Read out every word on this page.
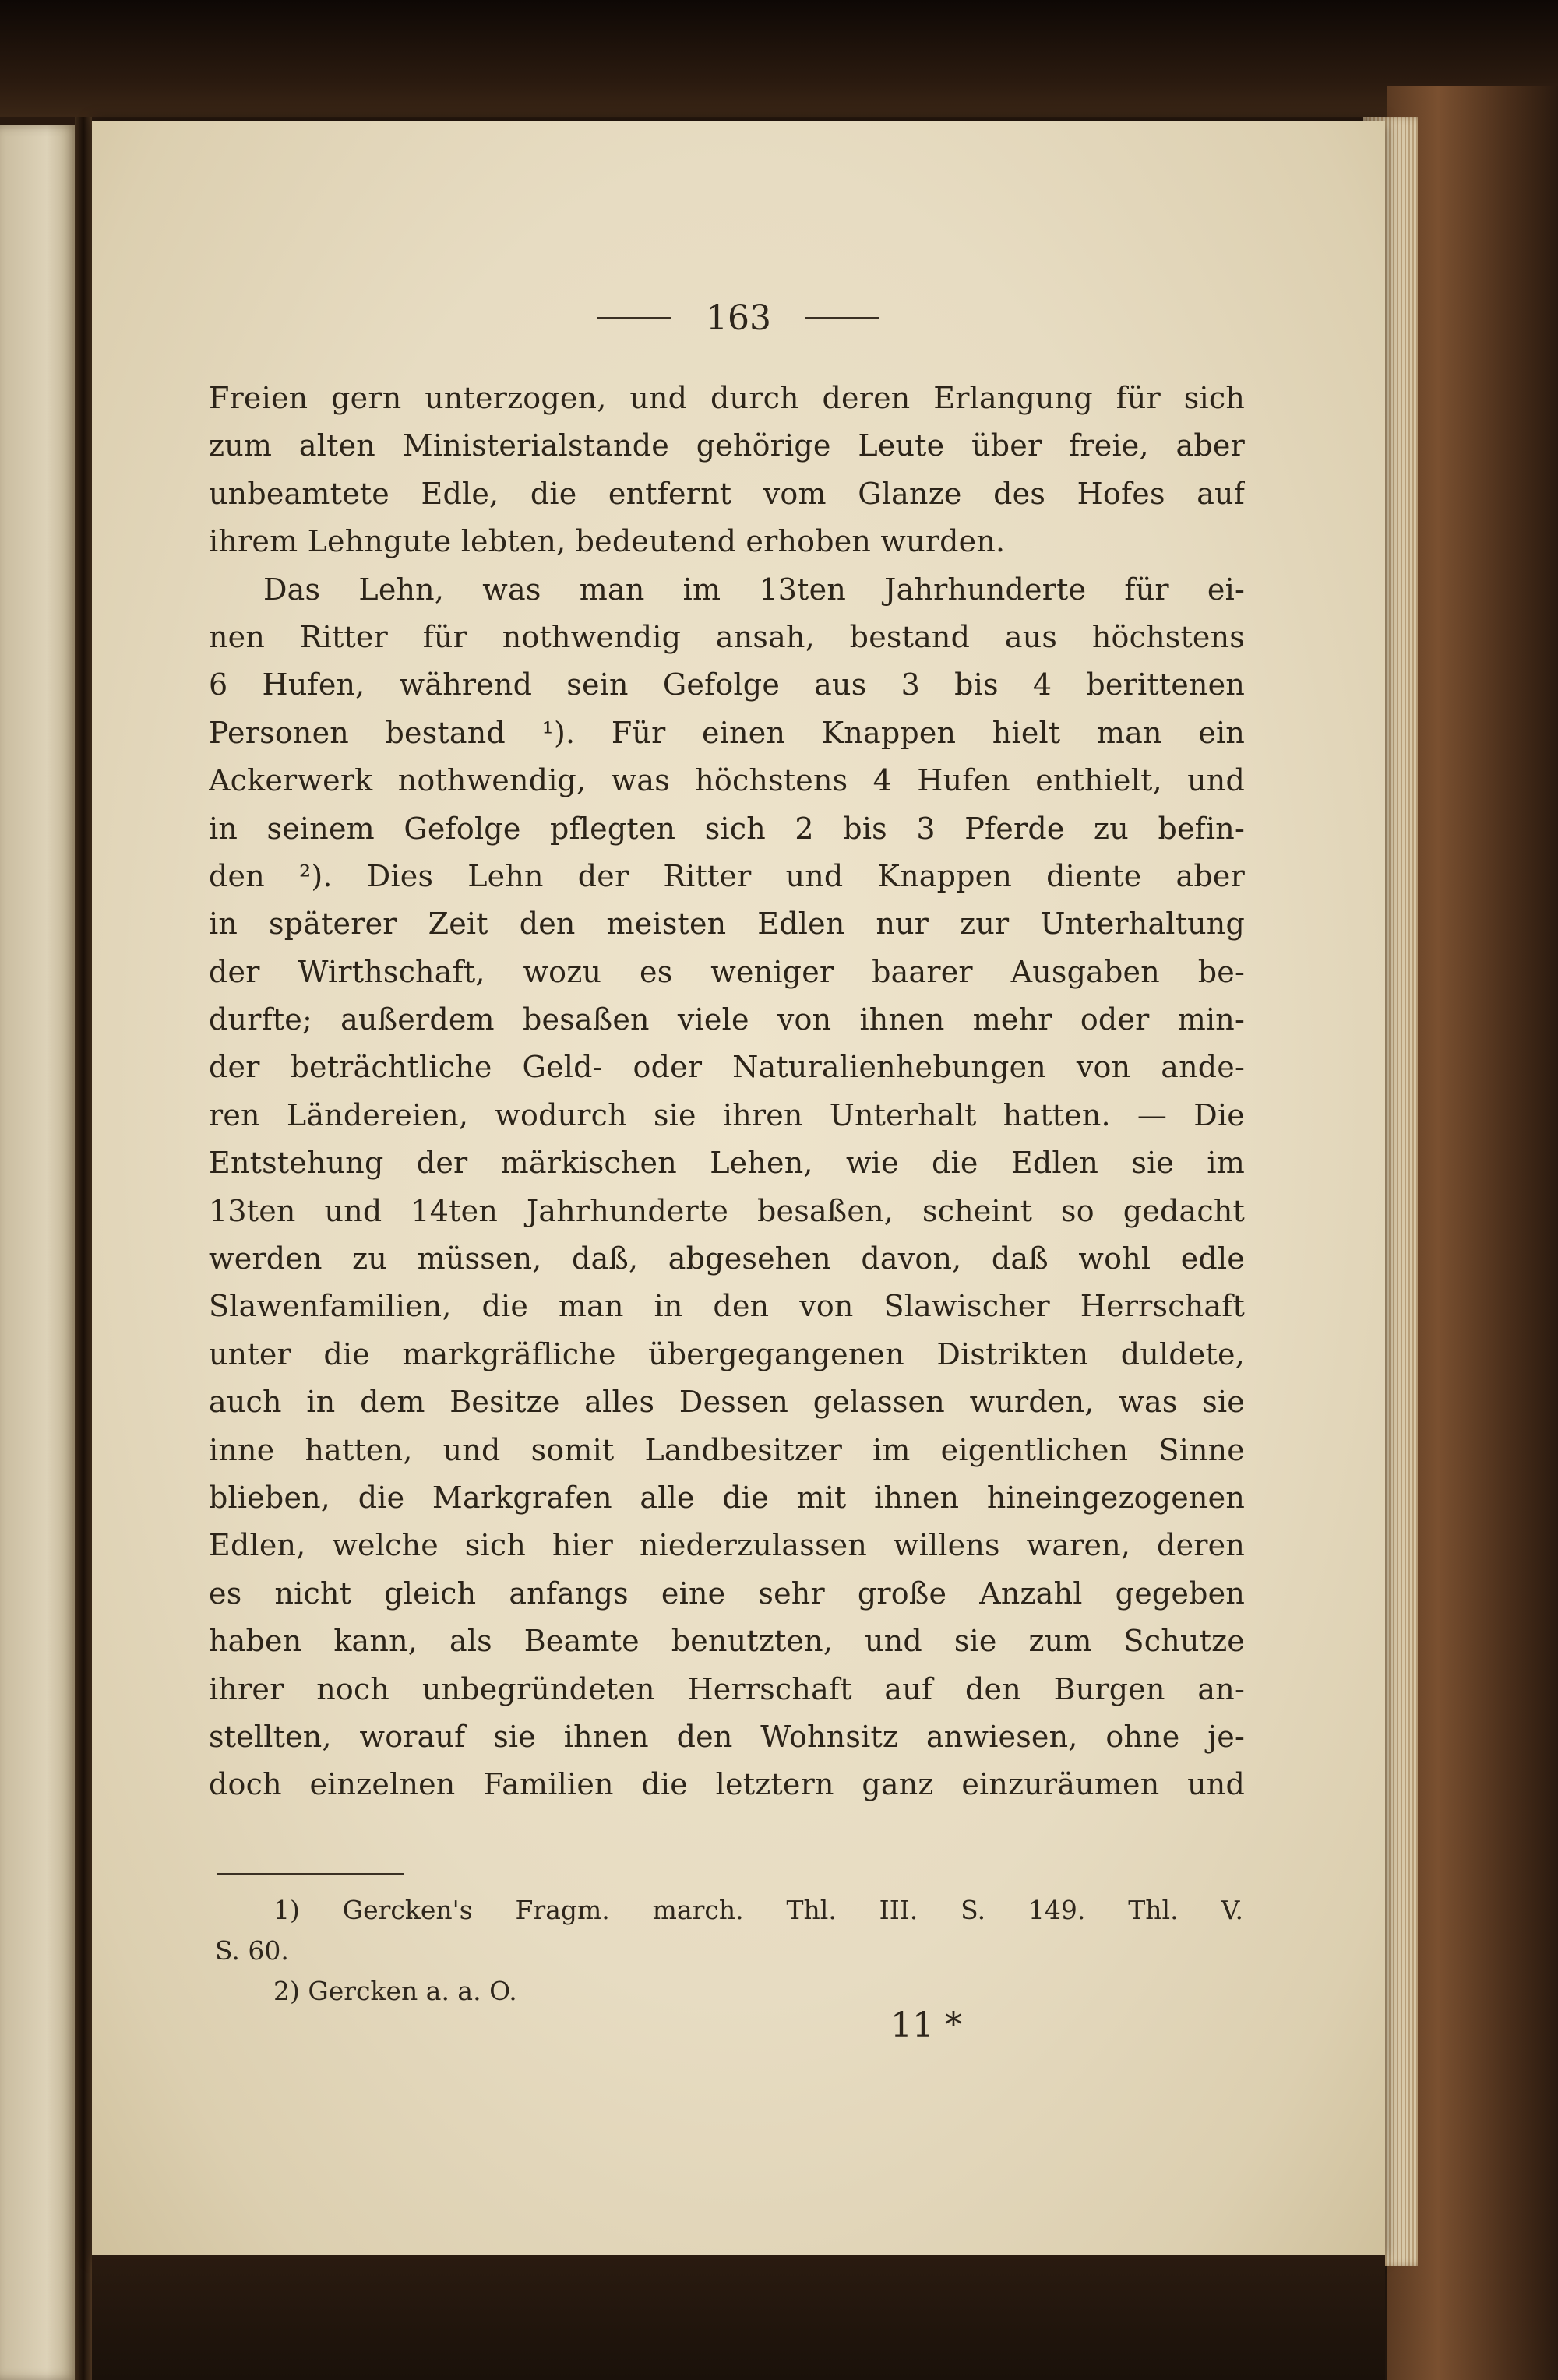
163
Freien gern unterzogen, und durch deren Erlangung für sich
zum alten Ministerialstande gehörige Leute über freie, aber
unbeamtete Edle, die entfernt vom Glanze des Hofes auf
ihrem Lehngute lebten, bedeutend erhoben wurden.
Das Lehn, was man im 13ten Jahrhunderte für ei-
nen Ritter für nothwendig ansah, bestand aus höchstens
6 Hufen, während sein Gefolge aus 3 bis 4 berittenen
Personen bestand ¹). Für einen Knappen hielt man ein
Ackerwerk nothwendig, was höchstens 4 Hufen enthielt, und
in seinem Gefolge pflegten sich 2 bis 3 Pferde zu befin-
den ²). Dies Lehn der Ritter und Knappen diente aber
in späterer Zeit den meisten Edlen nur zur Unterhaltung
der Wirthschaft, wozu es weniger baarer Ausgaben be-
durfte; außerdem besaßen viele von ihnen mehr oder min-
der beträchtliche Geld- oder Naturalienhebungen von ande-
ren Ländereien, wodurch sie ihren Unterhalt hatten. — Die
Entstehung der märkischen Lehen, wie die Edlen sie im
13ten und 14ten Jahrhunderte besaßen, scheint so gedacht
werden zu müssen, daß, abgesehen davon, daß wohl edle
Slawenfamilien, die man in den von Slawischer Herrschaft
unter die markgräfliche übergegangenen Distrikten duldete,
auch in dem Besitze alles Dessen gelassen wurden, was sie
inne hatten, und somit Landbesitzer im eigentlichen Sinne
blieben, die Markgrafen alle die mit ihnen hineingezogenen
Edlen, welche sich hier niederzulassen willens waren, deren
es nicht gleich anfangs eine sehr große Anzahl gegeben
haben kann, als Beamte benutzten, und sie zum Schutze
ihrer noch unbegründeten Herrschaft auf den Burgen an-
stellten, worauf sie ihnen den Wohnsitz anwiesen, ohne je-
doch einzelnen Familien die letztern ganz einzuräumen und
1) Gercken's Fragm. march. Thl. III. S. 149. Thl. V.
S. 60.
2) Gercken a. a. O.
11 *
